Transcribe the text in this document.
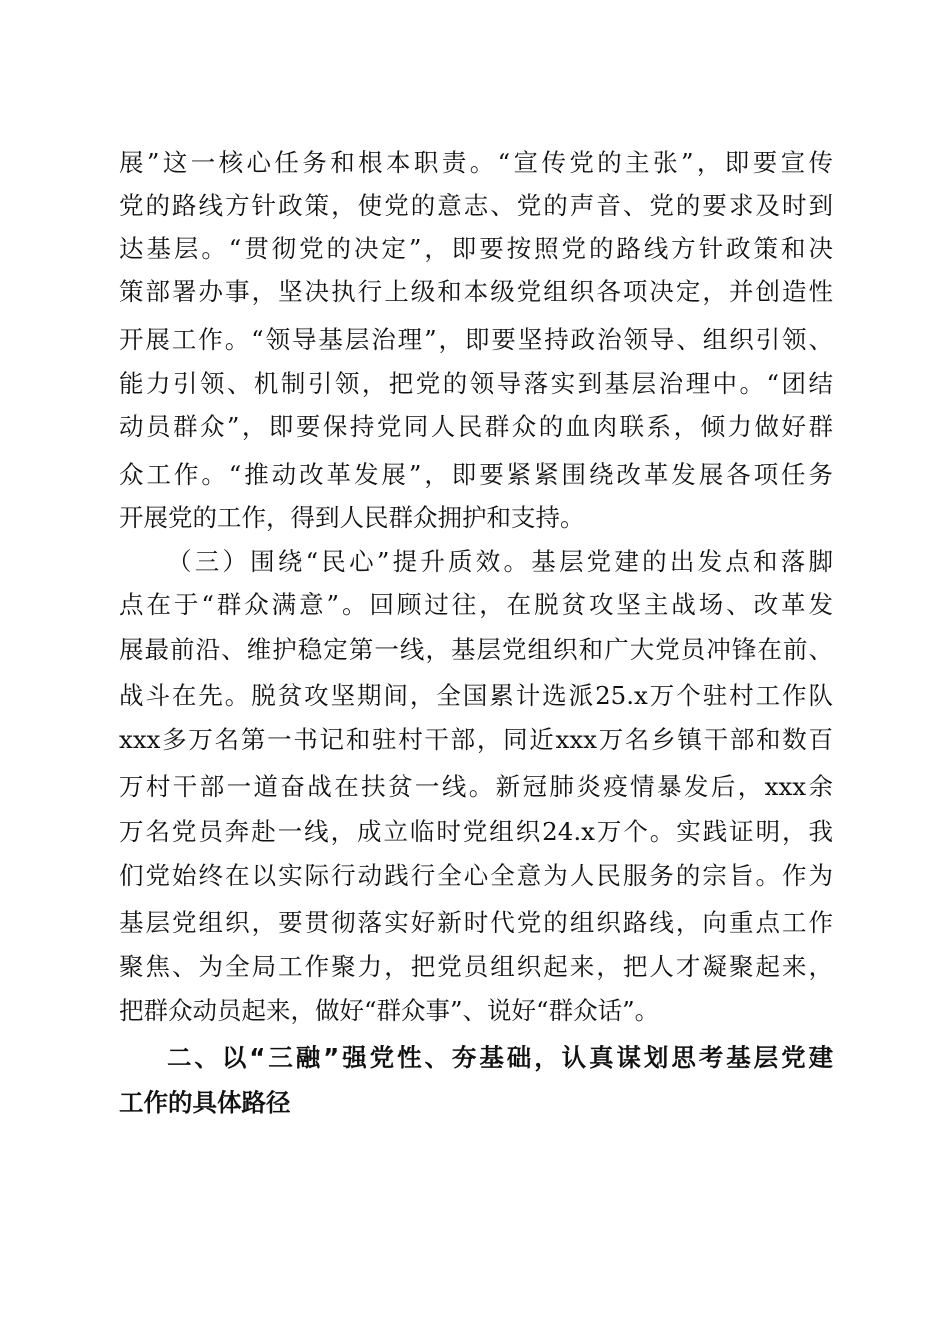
展”这一核心任务和根本职责。“宣传党的主张”，即要宣传
党的路线方针政策，使党的意志、党的声音、党的要求及时到
达基层。“贯彻党的决定”，即要按照党的路线方针政策和决
策部署办事，坚决执行上级和本级党组织各项决定，并创造性
开展工作。“领导基层治理”，即要坚持政治领导、组织引领、
能力引领、机制引领，把党的领导落实到基层治理中。“团结
动员群众”，即要保持党同人民群众的血肉联系，倾力做好群
众工作。“推动改革发展”，即要紧紧围绕改革发展各项任务
开展党的工作，得到人民群众拥护和支持。
（三）围绕“民心”提升质效。基层党建的出发点和落脚
点在于“群众满意”。回顾过往，在脱贫攻坚主战场、改革发
展最前沿、维护稳定第一线，基层党组织和广大党员冲锋在前、
战斗在先。脱贫攻坚期间，全国累计选派25.x万个驻村工作队
xxx多万名第一书记和驻村干部，同近xxx万名乡镇干部和数百
万村干部一道奋战在扶贫一线。新冠肺炎疫情暴发后，xxx余
万名党员奔赴一线，成立临时党组织24.x万个。实践证明，我
们党始终在以实际行动践行全心全意为人民服务的宗旨。作为
基层党组织，要贯彻落实好新时代党的组织路线，向重点工作
聚焦、为全局工作聚力，把党员组织起来，把人才凝聚起来，
把群众动员起来，做好“群众事”、说好“群众话”。
二、以“三融”强党性、夯基础，认真谋划思考基层党建
工作的具体路径
